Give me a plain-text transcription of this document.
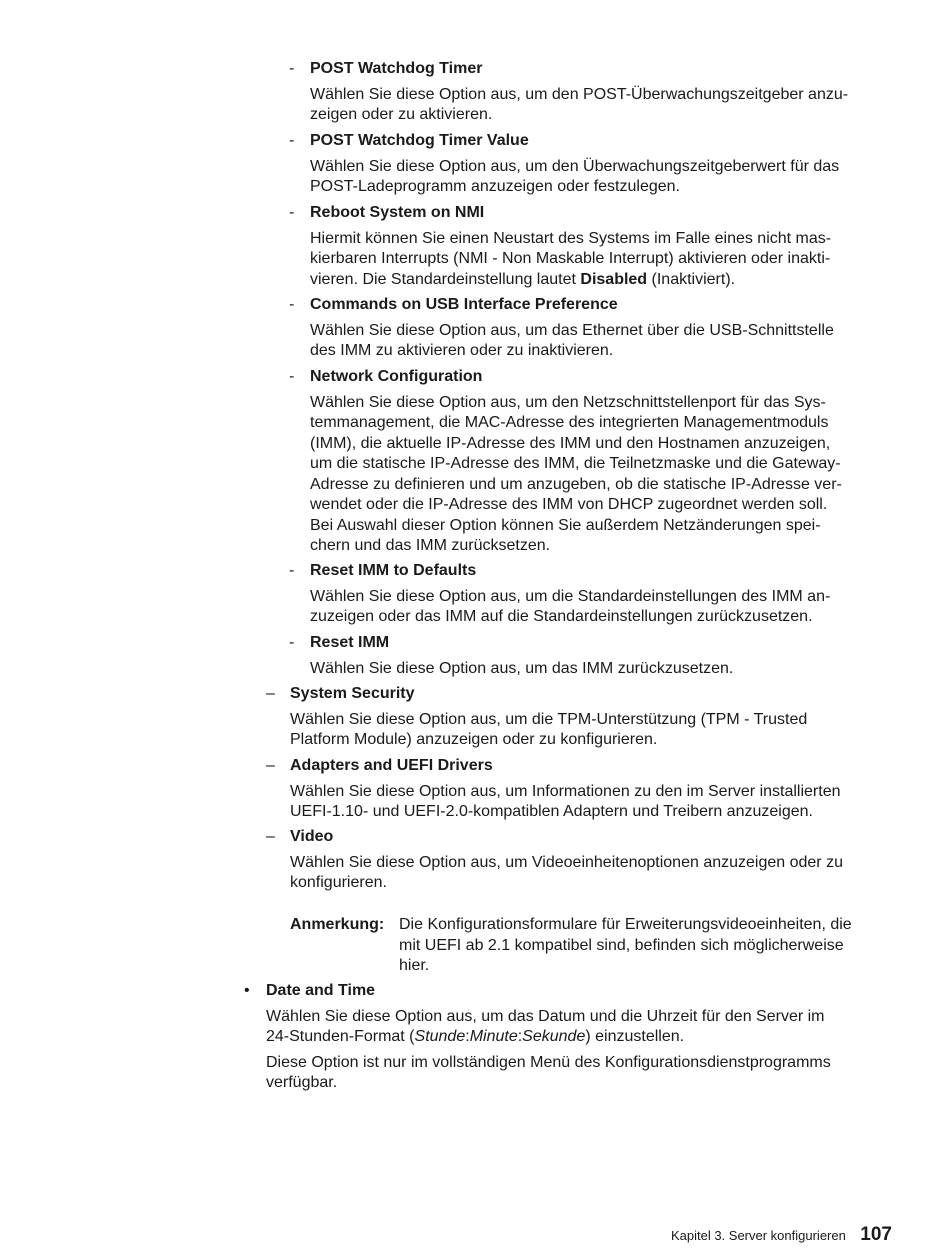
- POST Watchdog Timer
Wählen Sie diese Option aus, um den POST-Überwachungszeitgeber anzu-
zeigen oder zu aktivieren.
- POST Watchdog Timer Value
Wählen Sie diese Option aus, um den Überwachungszeitgeberwert für das
POST-Ladeprogramm anzuzeigen oder festzulegen.
- Reboot System on NMI
Hiermit können Sie einen Neustart des Systems im Falle eines nicht mas-
kierbaren Interrupts (NMI - Non Maskable Interrupt) aktivieren oder inakti-
vieren. Die Standardeinstellung lautet Disabled (Inaktiviert).
- Commands on USB Interface Preference
Wählen Sie diese Option aus, um das Ethernet über die USB-Schnittstelle
des IMM zu aktivieren oder zu inaktivieren.
- Network Configuration
Wählen Sie diese Option aus, um den Netzschnittstellenport für das Sys-
temmanagement, die MAC-Adresse des integrierten Managementmoduls
(IMM), die aktuelle IP-Adresse des IMM und den Hostnamen anzuzeigen,
um die statische IP-Adresse des IMM, die Teilnetzmaske und die Gateway-
Adresse zu definieren und um anzugeben, ob die statische IP-Adresse ver-
wendet oder die IP-Adresse des IMM von DHCP zugeordnet werden soll.
Bei Auswahl dieser Option können Sie außerdem Netzänderungen spei-
chern und das IMM zurücksetzen.
- Reset IMM to Defaults
Wählen Sie diese Option aus, um die Standardeinstellungen des IMM an-
zuzeigen oder das IMM auf die Standardeinstellungen zurückzusetzen.
- Reset IMM
Wählen Sie diese Option aus, um das IMM zurückzusetzen.
– System Security
Wählen Sie diese Option aus, um die TPM-Unterstützung (TPM - Trusted
Platform Module) anzuzeigen oder zu konfigurieren.
– Adapters and UEFI Drivers
Wählen Sie diese Option aus, um Informationen zu den im Server installierten
UEFI-1.10- und UEFI-2.0-kompatiblen Adaptern und Treibern anzuzeigen.
– Video
Wählen Sie diese Option aus, um Videoeinheitenoptionen anzuzeigen oder zu
konfigurieren.
Anmerkung: Die Konfigurationsformulare für Erweiterungsvideoeinheiten, die
mit UEFI ab 2.1 kompatibel sind, befinden sich möglicherweise
hier.
• Date and Time
Wählen Sie diese Option aus, um das Datum und die Uhrzeit für den Server im
24-Stunden-Format (Stunde:Minute:Sekunde) einzustellen.
Diese Option ist nur im vollständigen Menü des Konfigurationsdienstprogramms
verfügbar.
Kapitel 3. Server konfigurieren 107
